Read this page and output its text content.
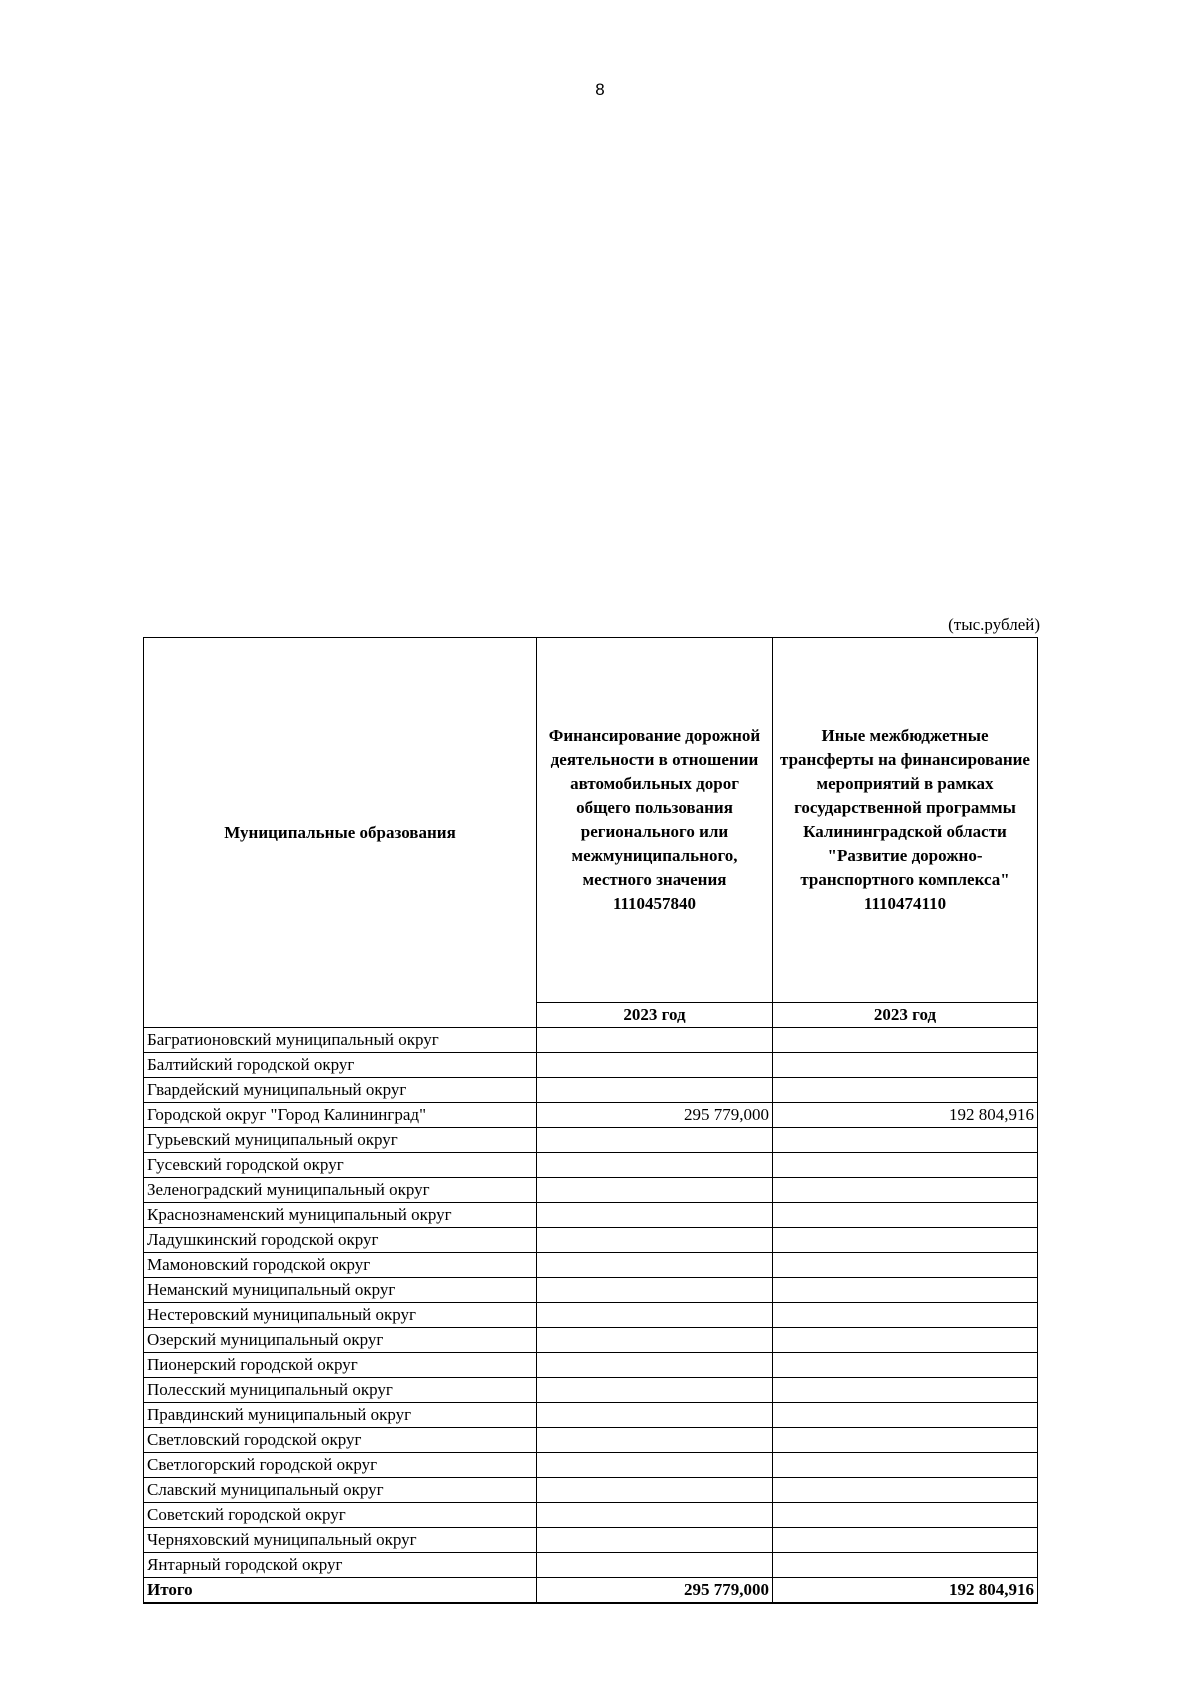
8
(тыс.рублей)
Муниципальные образования	Финансирование дорожной деятельности в отношении автомобильных дорог общего пользования регионального или межмуниципального, местного значения 1110457840	Иные межбюджетные трансферты на финансирование мероприятий в рамках государственной программы Калининградской области "Развитие дорожно-транспортного комплекса" 1110474110
	2023 год	2023 год
Багратионовский муниципальный округ		
Балтийский городской округ		
Гвардейский муниципальный округ		
Городской округ "Город Калининград"	295 779,000	192 804,916
Гурьевский муниципальный округ		
Гусевский городской округ		
Зеленоградский муниципальный округ		
Краснознаменский муниципальный округ		
Ладушкинский городской округ		
Мамоновский городской округ		
Неманский муниципальный округ		
Нестеровский муниципальный округ		
Озерский муниципальный округ		
Пионерский городской округ		
Полесский муниципальный округ		
Правдинский муниципальный округ		
Светловский городской округ		
Светлогорский городской округ		
Славский муниципальный округ		
Советский городской округ		
Черняховский муниципальный округ		
Янтарный городской округ		
Итого	295 779,000	192 804,916
